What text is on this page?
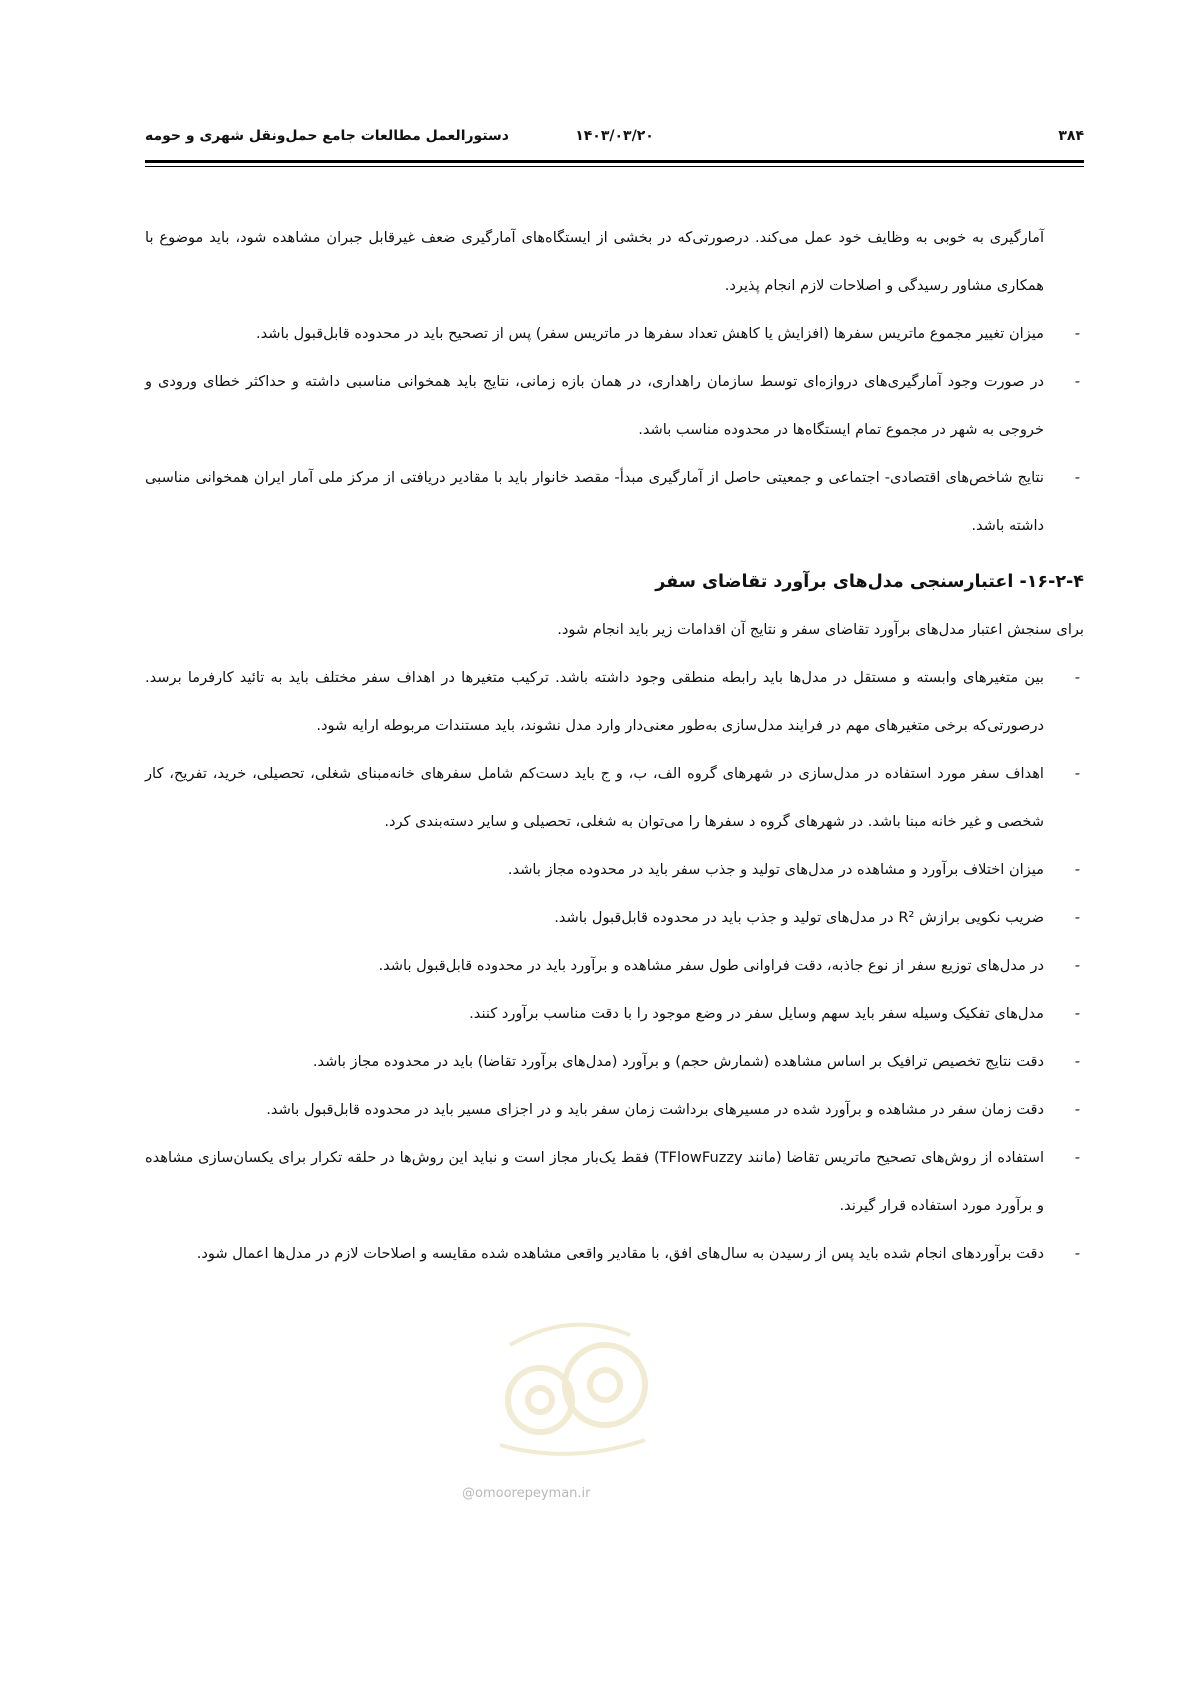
۳۸۴
۱۴۰۳/۰۳/۲۰
دستورالعمل مطالعات جامع حمل‌ونقل شهری و حومه

آمارگیری به خوبی به وظایف خود عمل می‌کند. درصورتی‌که در بخشی از ایستگاه‌های آمارگیری ضعف غیرقابل جبران مشاهده شود، باید موضوع با همکاری مشاور رسیدگی و اصلاحات لازم انجام پذیرد.

-
میزان تغییر مجموع ماتریس سفرها (افزایش یا کاهش تعداد سفرها در ماتریس سفر) پس از تصحیح باید در محدوده قابل‌قبول باشد.
-
در صورت وجود آمارگیری‌های دروازه‌ای توسط سازمان راهداری، در همان بازه زمانی، نتایج باید همخوانی مناسبی داشته و حداکثر خطای ورودی و خروجی به شهر در مجموع تمام ایستگاه‌ها در محدوده مناسب باشد.
-
نتایج شاخص‌های اقتصادی- اجتماعی و جمعیتی حاصل از آمارگیری مبدأ- مقصد خانوار باید با مقادیر دریافتی از مرکز ملی آمار ایران همخوانی مناسبی داشته باشد.
۱۶-۲-۴- اعتبارسنجی مدل‌های برآورد تقاضای سفر

برای سنجش اعتبار مدل‌های برآورد تقاضای سفر و نتایج آن اقدامات زیر باید انجام شود.

-
بین متغیرهای وابسته و مستقل در مدل‌ها باید رابطه منطقی وجود داشته باشد. ترکیب متغیرها در اهداف سفر مختلف باید به تائید کارفرما برسد. درصورتی‌که برخی متغیرهای مهم در فرایند مدل‌سازی به‌طور معنی‌دار وارد مدل نشوند، باید مستندات مربوطه ارایه شود.
-
اهداف سفر مورد استفاده در مدل‌سازی در شهرهای گروه الف، ب، و ج باید دست‌کم شامل سفرهای خانه‌مبنای شغلی، تحصیلی، خرید، تفریح، کار شخصی و غیر خانه مبنا باشد. در شهرهای گروه د سفرها را می‌توان به شغلی، تحصیلی و سایر دسته‌بندی کرد.
-
میزان اختلاف برآورد و مشاهده در مدل‌های تولید و جذب سفر باید در محدوده مجاز باشد.
-
ضریب نکویی برازش R² در مدل‌های تولید و جذب باید در محدوده قابل‌قبول باشد.
-
در مدل‌های توزیع سفر از نوع جاذبه، دقت فراوانی طول سفر مشاهده و برآورد باید در محدوده قابل‌قبول باشد.
-
مدل‌های تفکیک وسیله سفر باید سهم وسایل سفر در وضع موجود را با دقت مناسب برآورد کنند.
-
دقت نتایج تخصیص ترافیک بر اساس مشاهده (شمارش حجم) و برآورد (مدل‌های برآورد تقاضا) باید در محدوده مجاز باشد.
-
دقت زمان سفر در مشاهده و برآورد شده در مسیرهای برداشت زمان سفر باید و در اجزای مسیر باید در محدوده قابل‌قبول باشد.
-
استفاده از روش‌های تصحیح ماتریس تقاضا (مانند TFlowFuzzy) فقط یک‌بار مجاز است و نباید این روش‌ها در حلقه تکرار برای یکسان‌سازی مشاهده و برآورد مورد استفاده قرار گیرند.
-
دقت برآوردهای انجام شده باید پس از رسیدن به سال‌های افق، با مقادیر واقعی مشاهده شده مقایسه و اصلاحات لازم در مدل‌ها اعمال شود.
@omoorepeyman.ir
